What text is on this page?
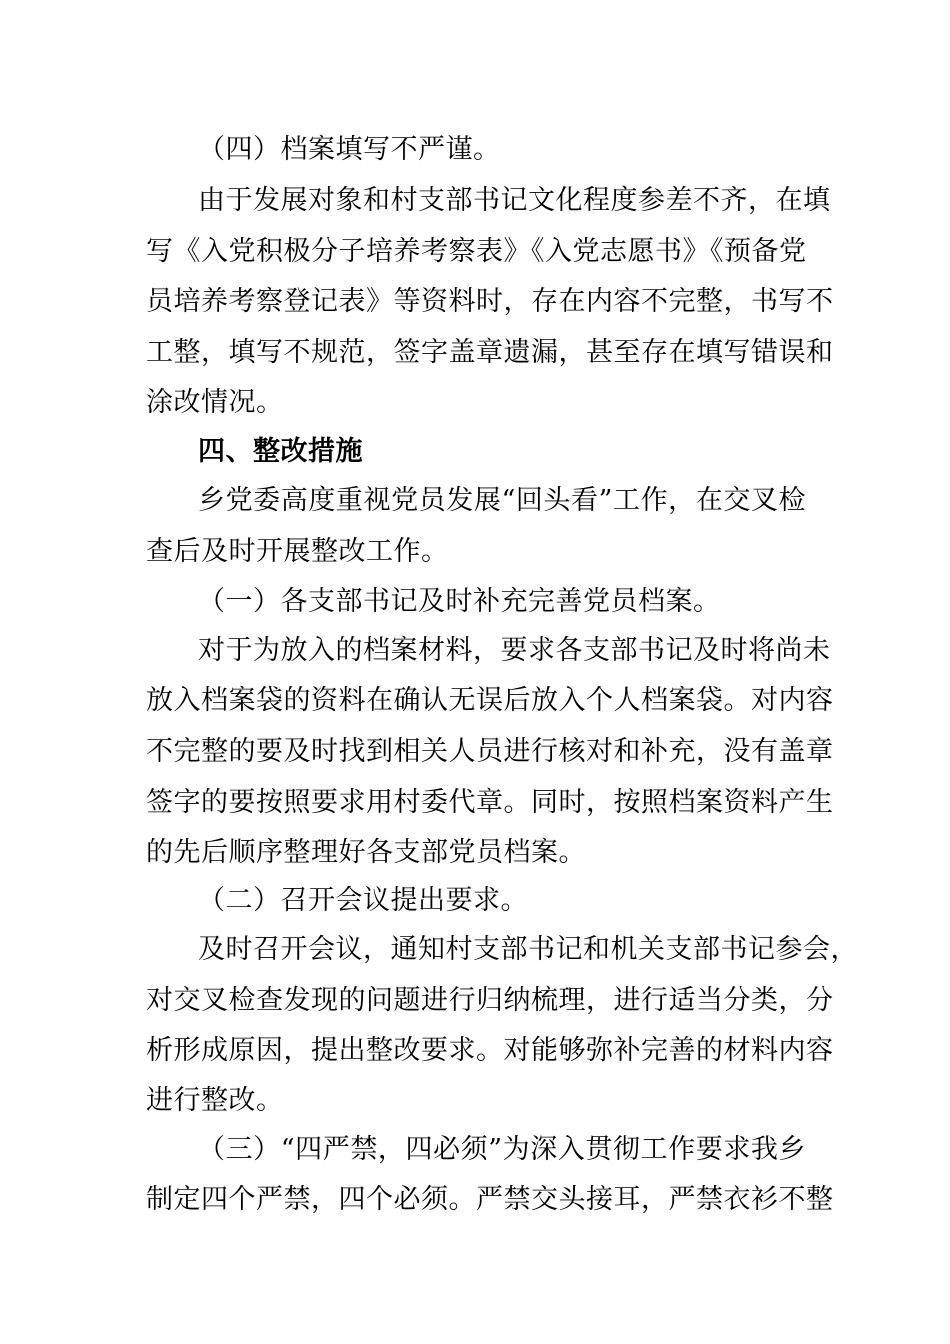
（四）档案填写不严谨。
由于发展对象和村支部书记文化程度参差不齐，在填
写《入党积极分子培养考察表》《入党志愿书》《预备党
员培养考察登记表》等资料时，存在内容不完整，书写不
工整，填写不规范，签字盖章遗漏，甚至存在填写错误和
涂改情况。
四、整改措施
乡党委高度重视党员发展“回头看”工作，在交叉检
查后及时开展整改工作。
（一）各支部书记及时补充完善党员档案。
对于为放入的档案材料，要求各支部书记及时将尚未
放入档案袋的资料在确认无误后放入个人档案袋。对内容
不完整的要及时找到相关人员进行核对和补充，没有盖章
签字的要按照要求用村委代章。同时，按照档案资料产生
的先后顺序整理好各支部党员档案。
（二）召开会议提出要求。
及时召开会议，通知村支部书记和机关支部书记参会，
对交叉检查发现的问题进行归纳梳理，进行适当分类，分
析形成原因，提出整改要求。对能够弥补完善的材料内容
进行整改。
（三）“四严禁，四必须”为深入贯彻工作要求我乡
制定四个严禁，四个必须。严禁交头接耳，严禁衣衫不整
